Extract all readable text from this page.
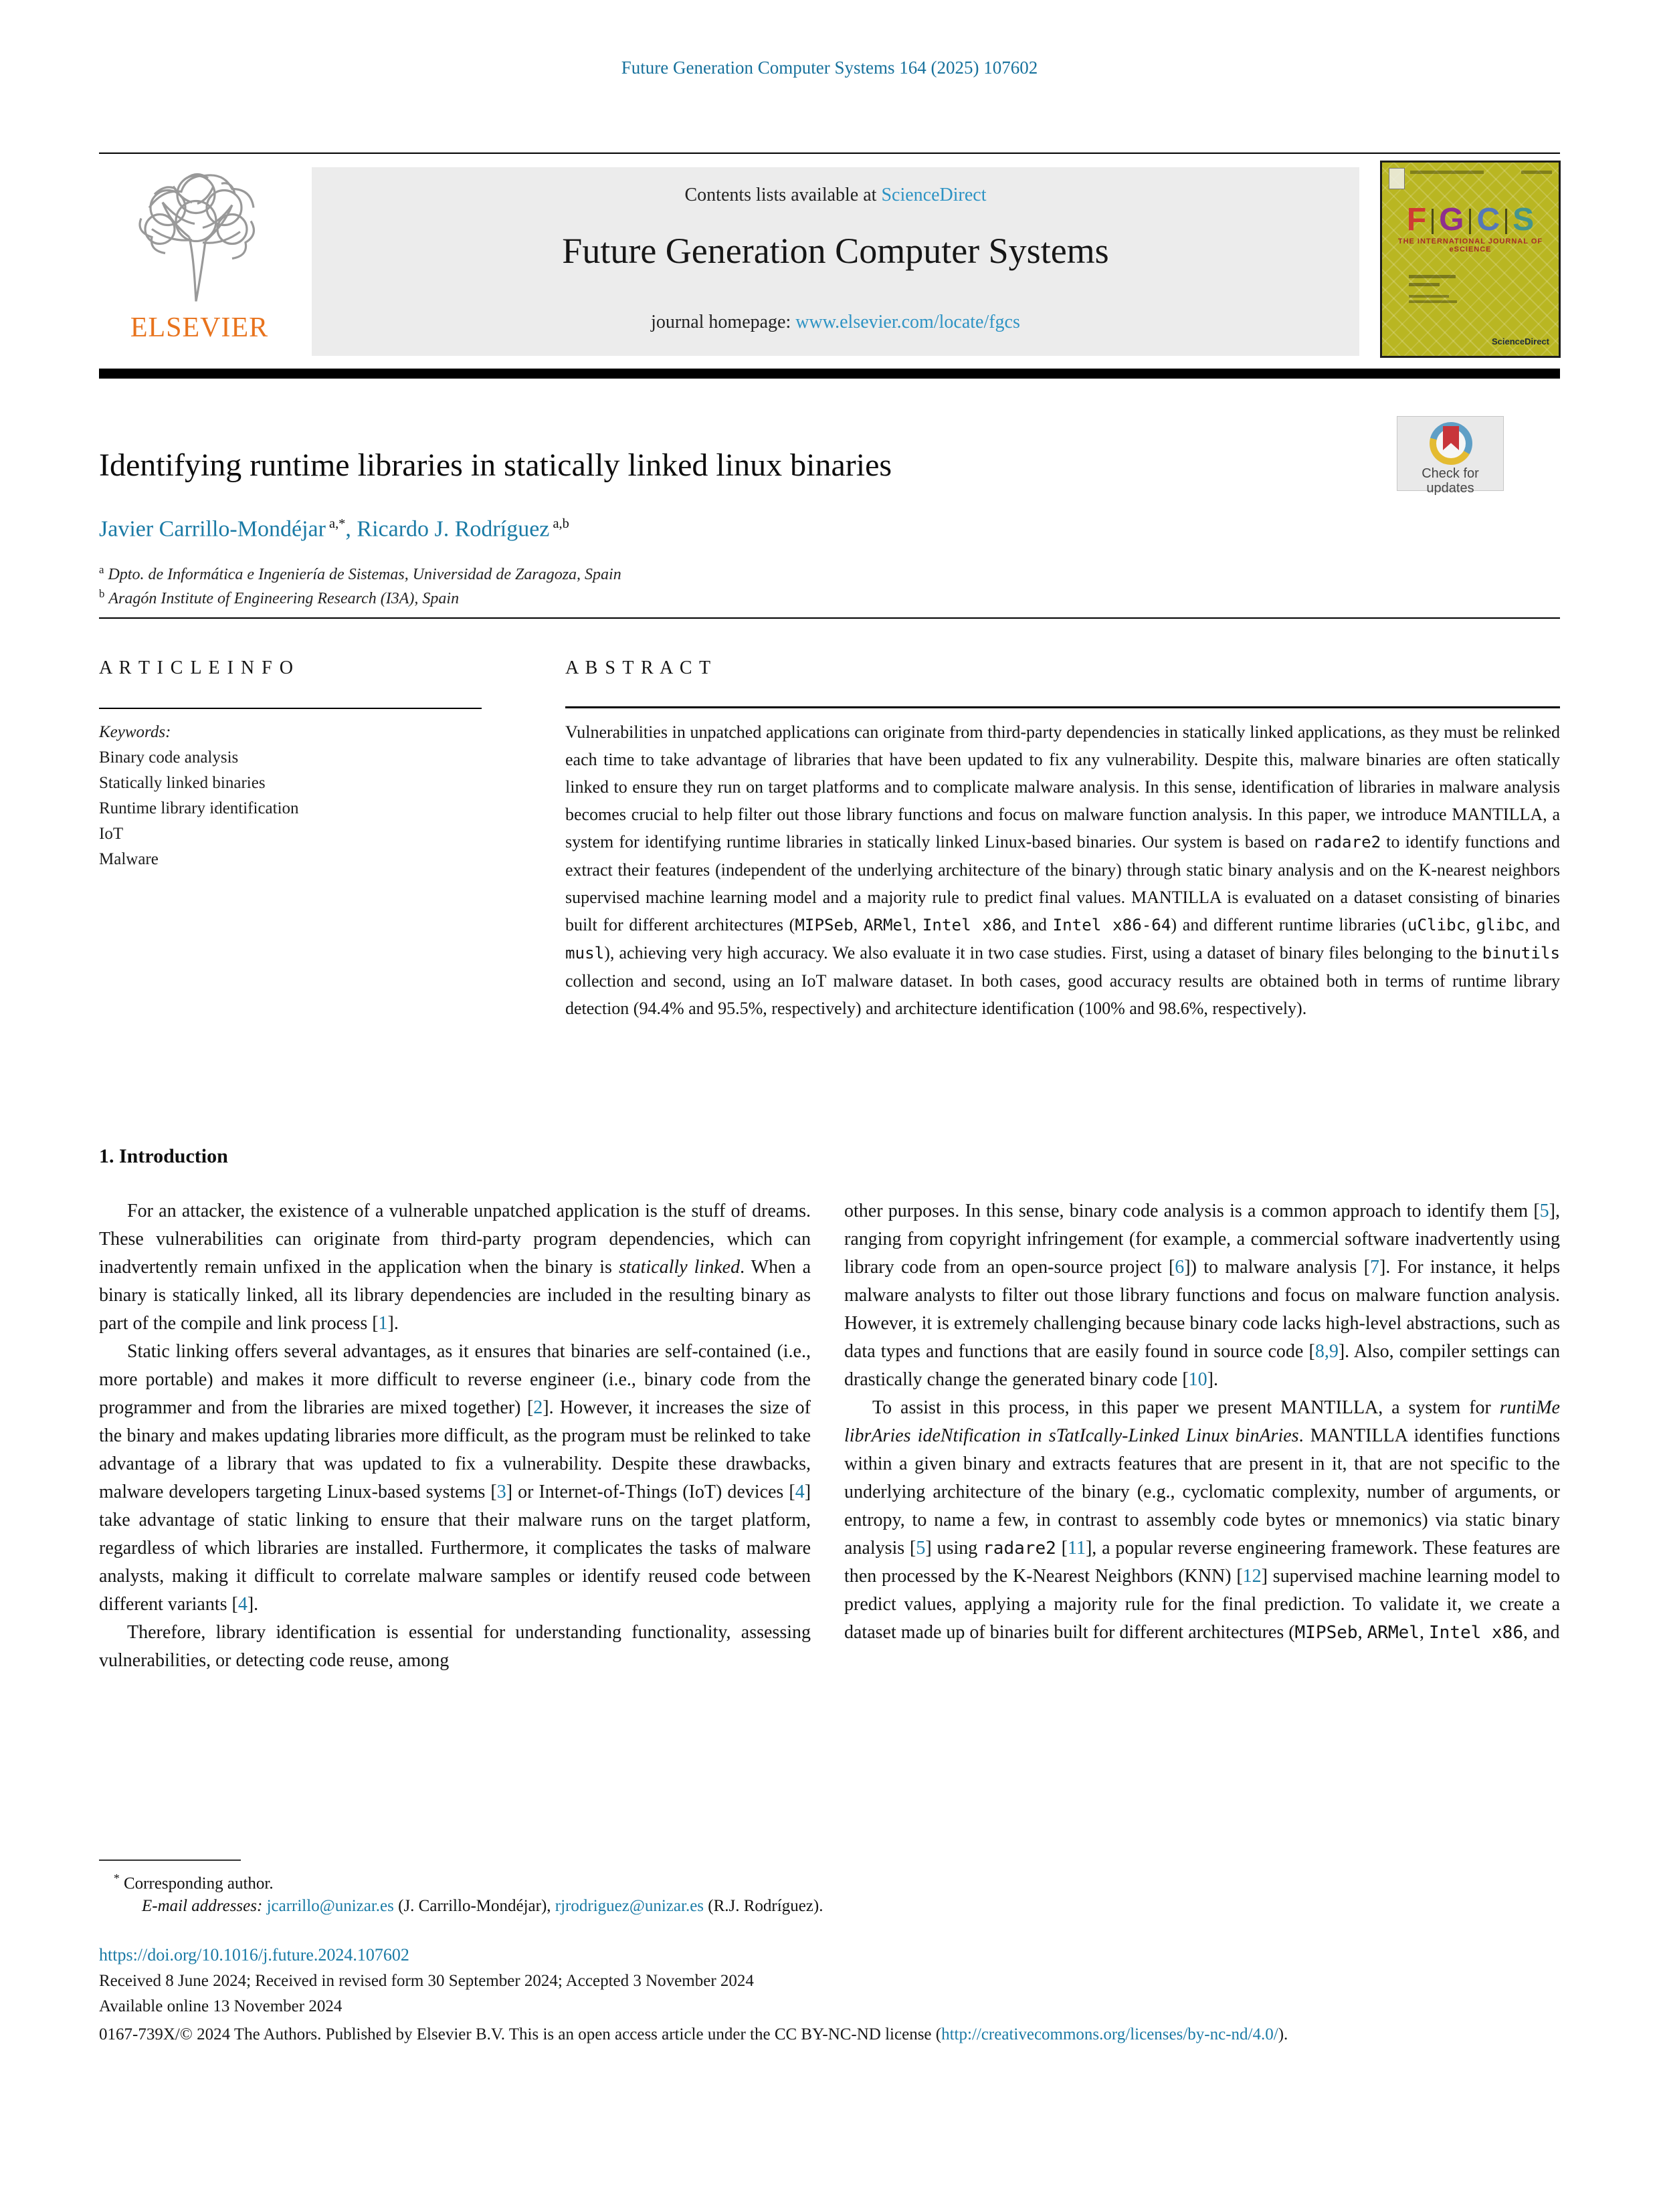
Future Generation Computer Systems 164 (2025) 107602
ELSEVIER
Contents lists available at ScienceDirect
Future Generation Computer Systems
journal homepage: www.elsevier.com/locate/fgcs
F G C S
THE INTERNATIONAL JOURNAL OF eSCIENCE

ScienceDirect
Check for
updates
Identifying runtime libraries in statically linked linux binaries
Javier Carrillo-Mondéjar $^{a,*}$, Ricardo J. Rodríguez $^{a,b}$
$^a$ Dpto. de Informática e Ingeniería de Sistemas, Universidad de Zaragoza, Spain
$^b$ Aragón Institute of Engineering Research (I3A), Spain
A R T I C L E I N F O	A B S T R A C T
Keywords:
Binary code analysis
Statically linked binaries
Runtime library identification
IoT
Malware
Vulnerabilities in unpatched applications can originate from third-party dependencies in statically linked applications, as they must be relinked each time to take advantage of libraries that have been updated to fix any vulnerability. Despite this, malware binaries are often statically linked to ensure they run on target platforms and to complicate malware analysis. In this sense, identification of libraries in malware analysis becomes crucial to help filter out those library functions and focus on malware function analysis. In this paper, we introduce MANTILLA, a system for identifying runtime libraries in statically linked Linux-based binaries. Our system is based on radare2 to identify functions and extract their features (independent of the underlying architecture of the binary) through static binary analysis and on the K-nearest neighbors supervised machine learning model and a majority rule to predict final values. MANTILLA is evaluated on a dataset consisting of binaries built for different architectures (MIPSeb, ARMel, Intel x86, and Intel x86-64) and different runtime libraries (uClibc, glibc, and musl), achieving very high accuracy. We also evaluate it in two case studies. First, using a dataset of binary files belonging to the binutils collection and second, using an IoT malware dataset. In both cases, good accuracy results are obtained both in terms of runtime library detection (94.4% and 95.5%, respectively) and architecture identification (100% and 98.6%, respectively).
1. Introduction

For an attacker, the existence of a vulnerable unpatched application is the stuff of dreams. These vulnerabilities can originate from third-party program dependencies, which can inadvertently remain unfixed in the application when the binary is statically linked. When a binary is statically linked, all its library dependencies are included in the resulting binary as part of the compile and link process [1].

Static linking offers several advantages, as it ensures that binaries are self-contained (i.e., more portable) and makes it more difficult to reverse engineer (i.e., binary code from the programmer and from the libraries are mixed together) [2]. However, it increases the size of the binary and makes updating libraries more difficult, as the program must be relinked to take advantage of a library that was updated to fix a vulnerability. Despite these drawbacks, malware developers targeting Linux-based systems [3] or Internet-of-Things (IoT) devices [4] take advantage of static linking to ensure that their malware runs on the target platform, regardless of which libraries are installed. Furthermore, it complicates the tasks of malware analysts, making it difficult to correlate malware samples or identify reused code between different variants [4].

Therefore, library identification is essential for understanding functionality, assessing vulnerabilities, or detecting code reuse, among

other purposes. In this sense, binary code analysis is a common approach to identify them [5], ranging from copyright infringement (for example, a commercial software inadvertently using library code from an open-source project [6]) to malware analysis [7]. For instance, it helps malware analysts to filter out those library functions and focus on malware function analysis. However, it is extremely challenging because binary code lacks high-level abstractions, such as data types and functions that are easily found in source code [8,9]. Also, compiler settings can drastically change the generated binary code [10].

To assist in this process, in this paper we present MANTILLA, a system for runtiMe librAries ideNtification in sTatIcally-Linked Linux binAries. MANTILLA identifies functions within a given binary and extracts features that are present in it, that are not specific to the underlying architecture of the binary (e.g., cyclomatic complexity, number of arguments, or entropy, to name a few, in contrast to assembly code bytes or mnemonics) via static binary analysis [5] using radare2 [11], a popular reverse engineering framework. These features are then processed by the K-Nearest Neighbors (KNN) [12] supervised machine learning model to predict values, applying a majority rule for the final prediction. To validate it, we create a dataset made up of binaries built for different architectures (MIPSeb, ARMel, Intel x86, and

* Corresponding author.
E-mail addresses: jcarrillo@unizar.es (J. Carrillo-Mondéjar), rjrodriguez@unizar.es (R.J. Rodríguez).
https://doi.org/10.1016/j.future.2024.107602
Received 8 June 2024; Received in revised form 30 September 2024; Accepted 3 November 2024
Available online 13 November 2024
0167-739X/© 2024 The Authors. Published by Elsevier B.V. This is an open access article under the CC BY-NC-ND license (http://creativecommons.org/licenses/by-nc-nd/4.0/).
